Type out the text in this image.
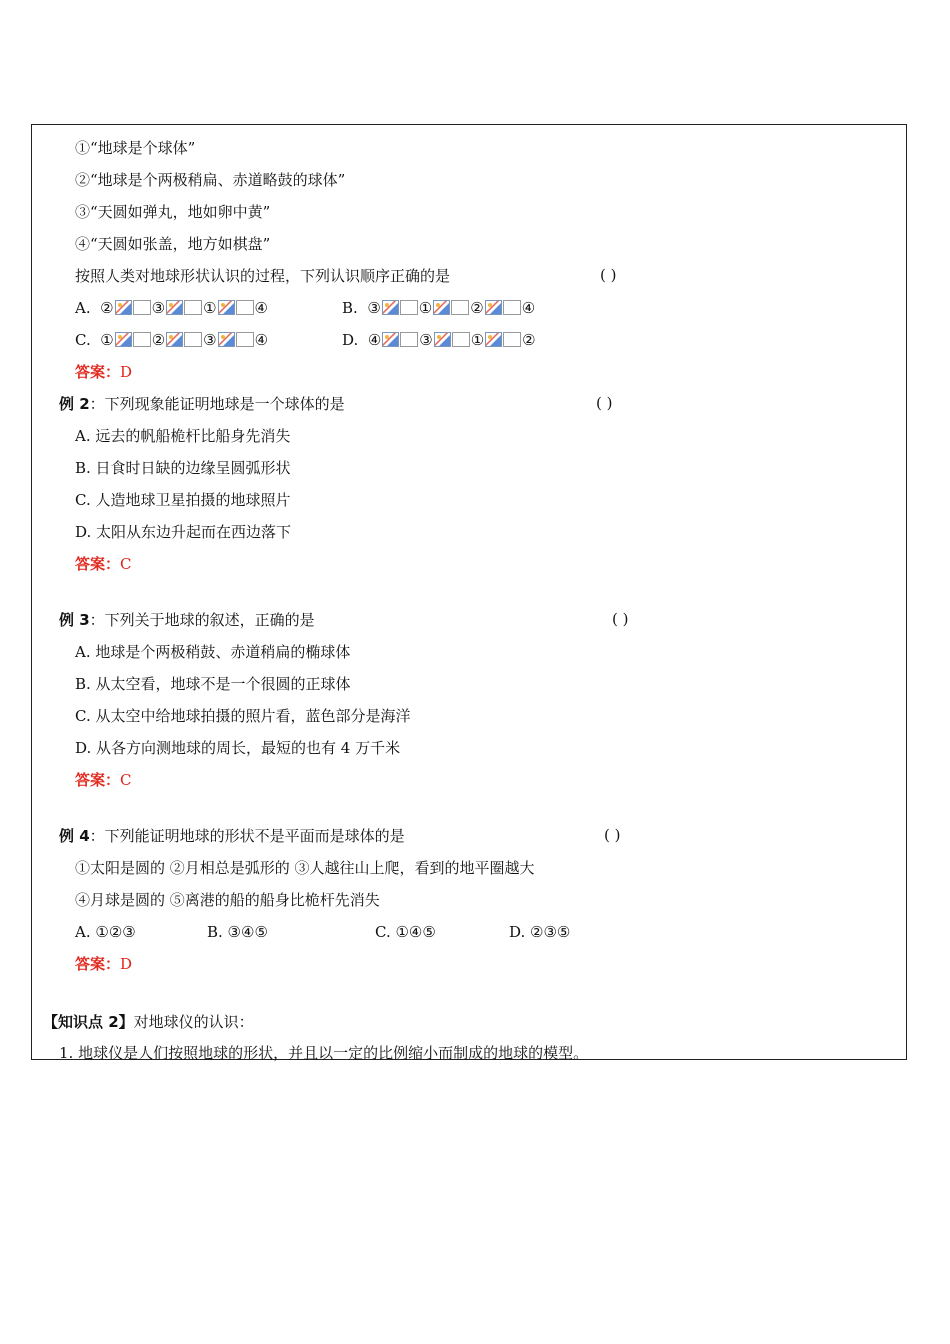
①“地球是个球体”
②“地球是个两极稍扁、赤道略鼓的球体”
③“天圆如弹丸，地如卵中黄”
④“天圆如张盖，地方如棋盘”
按照人类对地球形状认识的过程，下列认识顺序正确的是	( )
A. ②	③	①	④	B. ③	①	②	④
C. ①	②	③	④	D. ④	③	①	②
答案：D
例 2：下列现象能证明地球是一个球体的是	( )
A. 远去的帆船桅杆比船身先消失
B. 日食时日缺的边缘呈圆弧形状
C. 人造地球卫星拍摄的地球照片
D. 太阳从东边升起而在西边落下
答案：C
例 3：下列关于地球的叙述，正确的是	( )
A. 地球是个两极稍鼓、赤道稍扁的椭球体
B. 从太空看，地球不是一个很圆的正球体
C. 从太空中给地球拍摄的照片看，蓝色部分是海洋
D. 从各方向测地球的周长，最短的也有 4 万千米
答案：C
例 4：下列能证明地球的形状不是平面而是球体的是	( )
①太阳是圆的 ②月相总是弧形的 ③人越往山上爬，看到的地平圈越大
④月球是圆的 ⑤离港的船的船身比桅杆先消失
A. ①②③	B. ③④⑤	C. ①④⑤	D. ②③⑤
答案：D
【知识点 2】对地球仪的认识：
1. 地球仪是人们按照地球的形状，并且以一定的比例缩小而制成的地球的模型。
